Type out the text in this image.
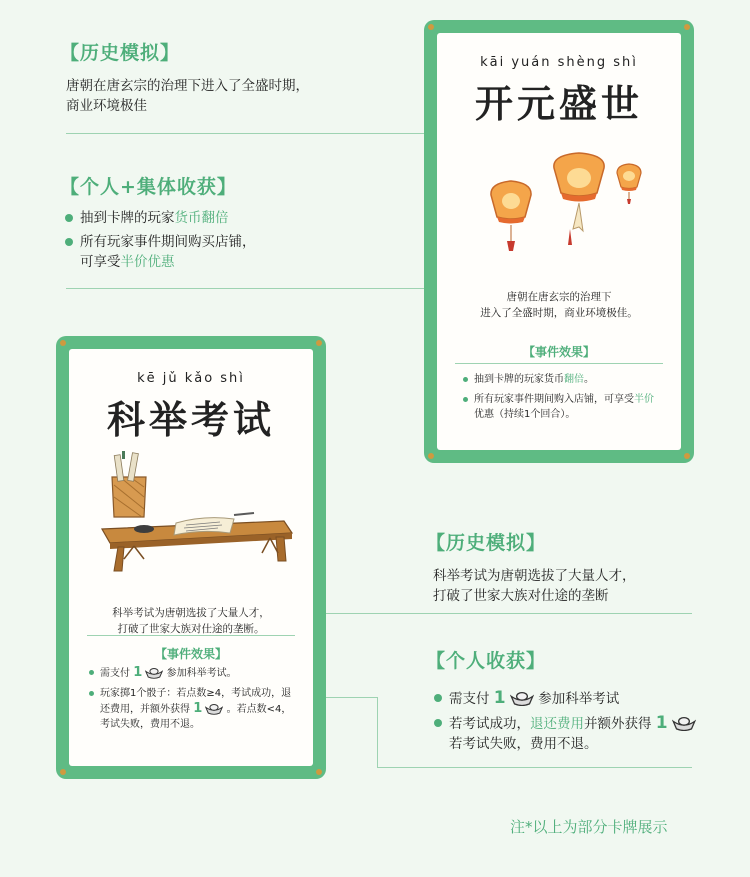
【历史模拟】
唐朝在唐玄宗的治理下进入了全盛时期，
商业环境极佳
【个人+集体收获】
抽到卡牌的玩家货币翻倍
所有玩家事件期间购买店铺，
可享受半价优惠
kāi yuán shèng shì
开元盛世
唐朝在唐玄宗的治理下
进入了全盛时期，商业环境极佳。
【事件效果】
抽到卡牌的玩家货币翻倍。
所有玩家事件期间购入店铺，可享受半价优惠（持续1个回合）。
kē jǔ kǎo shì
科举考试
科举考试为唐朝选拔了大量人才，
打破了世家大族对仕途的垄断。
【事件效果】
需支付 1 参加科举考试。
玩家掷1个骰子：若点数≥4，考试成功，退还费用，并额外获得 1 。若点数<4，考试失败，费用不退。
【历史模拟】
科举考试为唐朝选拔了大量人才，
打破了世家大族对仕途的垄断
【个人收获】
需支付 1 参加科举考试
若考试成功，退还费用并额外获得 1
若考试失败，费用不退。
注*以上为部分卡牌展示
